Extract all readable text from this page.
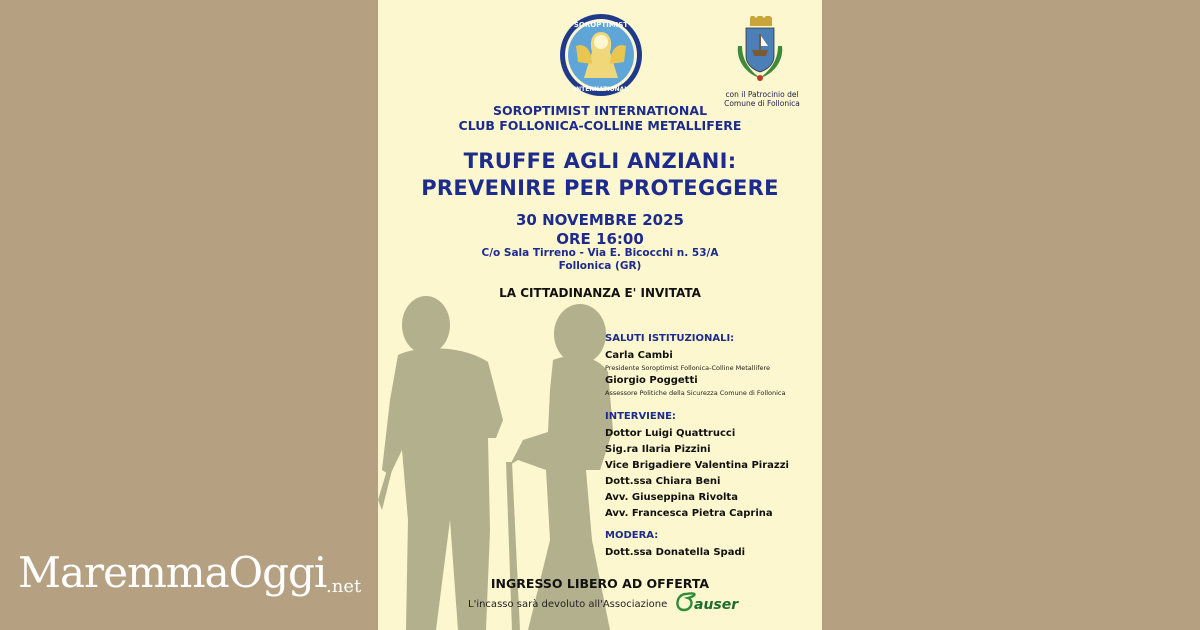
SOROPTIMIST
INTERNATIONAL
con il Patrocinio del
Comune di Follonica
SOROPTIMIST INTERNATIONAL
CLUB FOLLONICA-COLLINE METALLIFERE
TRUFFE AGLI ANZIANI:
PREVENIRE PER PROTEGGERE
30 NOVEMBRE 2025
ORE 16:00
C/o Sala Tirreno - Via E. Bicocchi n. 53/A
Follonica (GR)
LA CITTADINANZA E' INVITATA
SALUTI ISTITUZIONALI:
Carla Cambi
Presidente Soroptimist Follonica-Colline Metallifere
Giorgio Poggetti
Assessore Politiche della Sicurezza Comune di Follonica
INTERVIENE:
Dottor Luigi Quattrucci
Sig.ra Ilaria Pizzini
Vice Brigadiere Valentina Pirazzi
Dott.ssa Chiara Beni
Avv. Giuseppina Rivolta
Avv. Francesca Pietra Caprina
MODERA:
Dott.ssa Donatella Spadi
INGRESSO LIBERO AD OFFERTA
L'incasso sarà devoluto all'Associazione auser
MaremmaOggi .net
